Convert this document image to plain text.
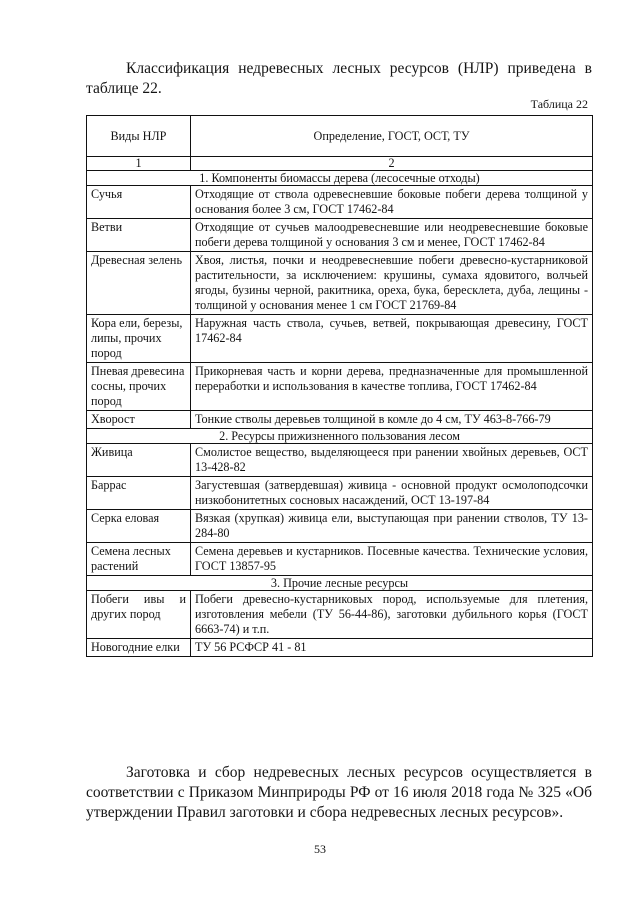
Классификация недревесных лесных ресурсов (НЛР) приведена в таблице 22.
Таблица 22
Виды НЛР	Определение, ГОСТ, ОСТ, ТУ
1	2
1. Компоненты биомассы дерева (лесосечные отходы)	
Сучья	Отходящие от ствола одревесневшие боковые побеги дерева толщиной у основания более 3 см, ГОСТ 17462-84
Ветви	Отходящие от сучьев малоодревесневшие или неодревесневшие боковые побеги дерева толщиной у основания 3 см и менее, ГОСТ 17462-84
Древесная зелень	Хвоя, листья, почки и неодревесневшие побеги древесно-кустарниковой растительности, за исключением: крушины, сумаха ядовитого, волчьей ягоды, бузины черной, ракитника, ореха, бука, бересклета, дуба, лещины - толщиной у основания менее 1 см ГОСТ 21769-84
Кора ели, березы, липы, прочих пород	Наружная часть ствола, сучьев, ветвей, покрывающая древесину, ГОСТ 17462-84
Пневая древесина сосны, прочих пород	Прикорневая часть и корни дерева, предназначенные для промышленной переработки и использования в качестве топлива, ГОСТ 17462-84
Хворост	Тонкие стволы деревьев толщиной в комле до 4 см, ТУ 463-8-766-79
2. Ресурсы прижизненного пользования лесом	
Живица	Смолистое вещество, выделяющееся при ранении хвойных деревьев, ОСТ 13-428-82
Баррас	Загустевшая (затвердевшая) живица - основной продукт осмолоподсочки низкобонитетных сосновых насаждений, ОСТ 13-197-84
Серка еловая	Вязкая (хрупкая) живица ели, выступающая при ранении стволов, ТУ 13-284-80
Семена лесных растений	Семена деревьев и кустарников. Посевные качества. Технические условия, ГОСТ 13857-95
3. Прочие лесные ресурсы	
Побеги ивы и других пород	Побеги древесно-кустарниковых пород, используемые для плетения, изготовления мебели (ТУ 56-44-86), заготовки дубильного корья (ГОСТ 6663-74) и т.п.
Новогодние елки	ТУ 56 РСФСР 41 - 81
Заготовка и сбор недревесных лесных ресурсов осуществляется в соответствии с Приказом Минприроды РФ от 16 июля 2018 года № 325 «Об утверждении Правил заготовки и сбора недревесных лесных ресурсов».
53
